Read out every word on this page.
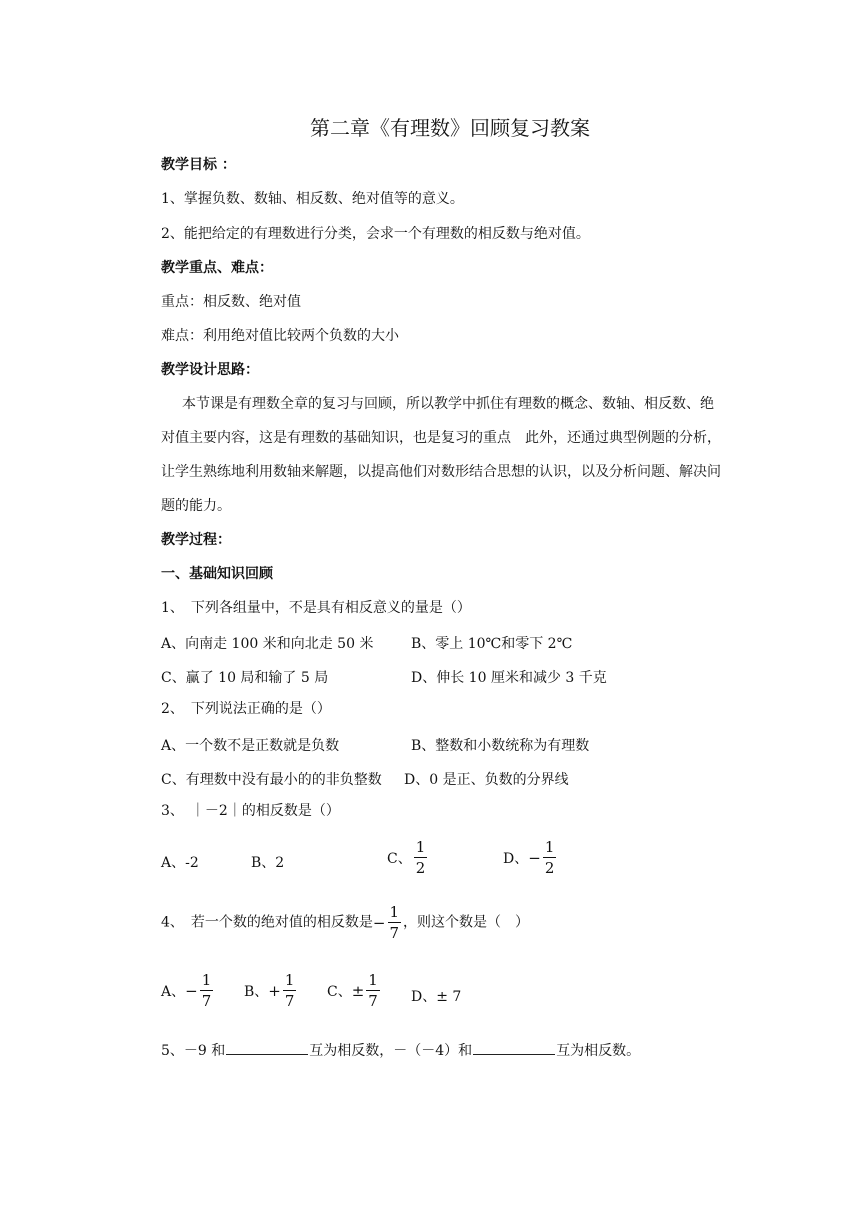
第二章《有理数》回顾复习教案
教学目标 ：
1、掌握负数、数轴、相反数、绝对值等的意义。
2、能把给定的有理数进行分类，会求一个有理数的相反数与绝对值。
教学重点、难点：
重点：相反数、绝对值
难点：利用绝对值比较两个负数的大小
教学设计思路：
本节课是有理数全章的复习与回顾，所以教学中抓住有理数的概念、数轴、相反数、绝
对值主要内容，这是有理数的基础知识，也是复习的重点　此外，还通过典型例题的分析，
让学生熟练地利用数轴来解题，以提高他们对数形结合思想的认识，以及分析问题、解决问
题的能力。
教学过程：
一、基础知识回顾
1、　下列各组量中，不是具有相反意义的量是（）
A、向南走 100 米和向北走 50 米	B、零上 10℃和零下 2℃
C、赢了 10 局和输了 5 局	D、伸长 10 厘米和减少 3 千克
2、　下列说法正确的是（）
A、一个数不是正数就是负数	B、整数和小数统称为有理数
C、有理数中没有最小的的非负整数 D、0 是正、负数的分界线
3、　｜－2｜的相反数是（）
A、-2	B、2	C、 $\frac{1}{2}$	D、− $\frac{1}{2}$
4、　若一个数的绝对值的相反数是− $\frac{1}{7}$ ，则这个数是（　）
A、− $\frac{1}{7}$ B、+ $\frac{1}{7}$ C、± $\frac{1}{7}$ D、± 7
5、－9 和	互为相反数，－（－4）和	互为相反数。
